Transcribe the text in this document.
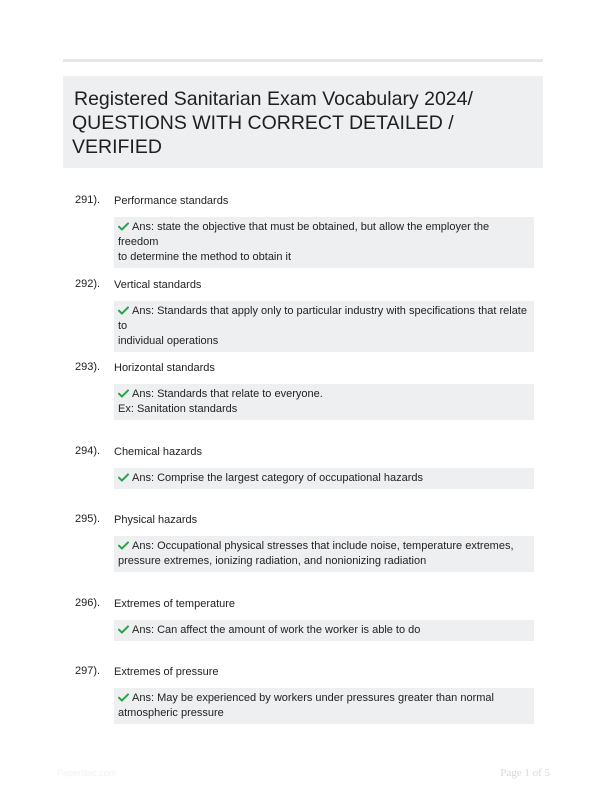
Registered Sanitarian Exam Vocabulary 2024/
QUESTIONS WITH CORRECT DETAILED /
VERIFIED
291). Performance standards
Ans: state the objective that must be obtained, but allow the employer the freedom
to determine the method to obtain it
292). Vertical standards
Ans: Standards that apply only to particular industry with specifications that relate to
individual operations
293). Horizontal standards
Ans: Standards that relate to everyone.
Ex: Sanitation standards
294). Chemical hazards
Ans: Comprise the largest category of occupational hazards
295). Physical hazards
Ans: Occupational physical stresses that include noise, temperature extremes,
pressure extremes, ionizing radiation, and nonionizing radiation
296). Extremes of temperature
Ans: Can affect the amount of work the worker is able to do
297). Extremes of pressure
Ans: May be experienced by workers under pressures greater than normal
atmospheric pressure
Paperlibic.com	Page 1 of 5
